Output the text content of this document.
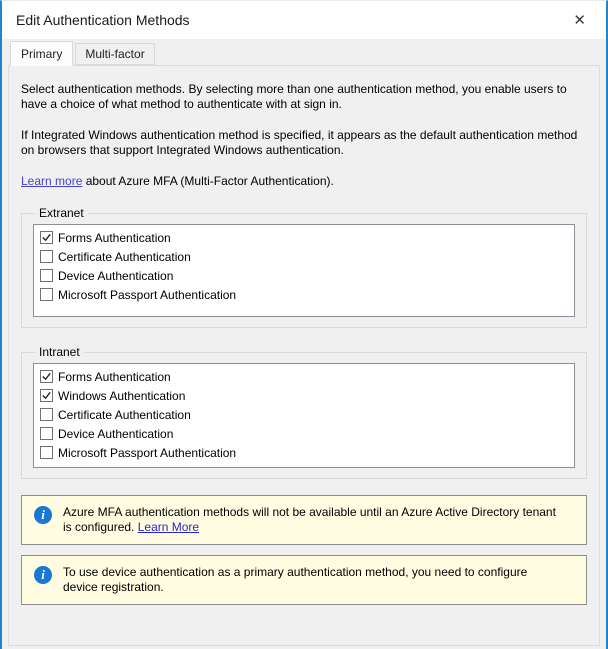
Edit Authentication Methods	✕
Primary	Multi-factor

Select authentication methods. By selecting more than one authentication method, you enable users to have a choice of what method to authenticate with at sign in.

If Integrated Windows authentication method is specified, it appears as the default authentication method on browsers that support Integrated Windows authentication.

Learn more about Azure MFA (Multi-Factor Authentication).

Extranet
Forms Authentication
Certificate Authentication
Device Authentication
Microsoft Passport Authentication
Intranet
Forms Authentication
Windows Authentication
Certificate Authentication
Device Authentication
Microsoft Passport Authentication
i	Azure MFA authentication methods will not be available until an Azure Active Directory tenant is configured. Learn More
i	To use device authentication as a primary authentication method, you need to configure device registration.
